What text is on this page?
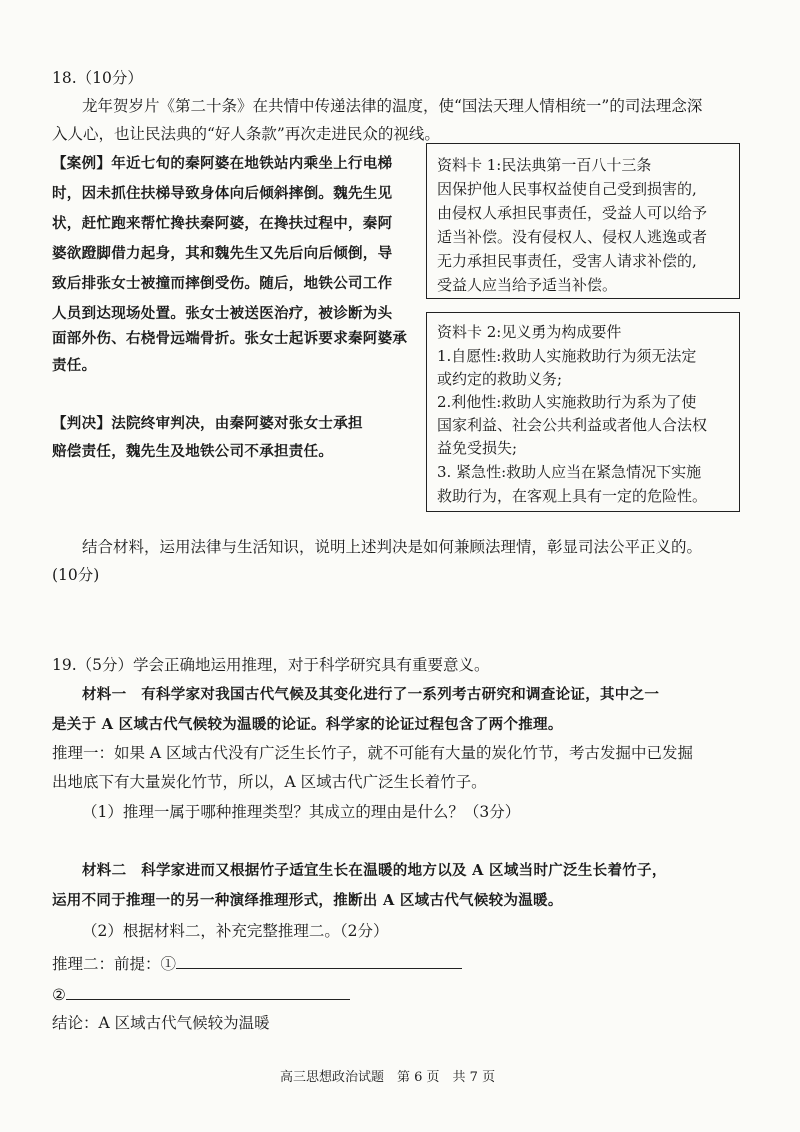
18.（10分）
龙年贺岁片《第二十条》在共情中传递法律的温度，使“国法天理人情相统一”的司法理念深
入人心，也让民法典的“好人条款”再次走进民众的视线。
【案例】年近七旬的秦阿婆在地铁站内乘坐上行电梯
时，因未抓住扶梯导致身体向后倾斜摔倒。魏先生见
状，赶忙跑来帮忙搀扶秦阿婆，在搀扶过程中，秦阿
婆欲蹬脚借力起身，其和魏先生又先后向后倾倒，导
致后排张女士被撞而摔倒受伤。随后，地铁公司工作
人员到达现场处置。张女士被送医治疗，被诊断为头
面部外伤、右桡骨远端骨折。张女士起诉要求秦阿婆承
责任。
【判决】法院终审判决，由秦阿婆对张女士承担
赔偿责任，魏先生及地铁公司不承担责任。
资料卡 1:民法典第一百八十三条
因保护他人民事权益使自己受到损害的,
由侵权人承担民事责任，受益人可以给予
适当补偿。没有侵权人、侵权人逃逸或者
无力承担民事责任，受害人请求补偿的,
受益人应当给予适当补偿。
资料卡 2:见义勇为构成要件
1.自愿性:救助人实施救助行为须无法定
或约定的救助义务;
2.利他性:救助人实施救助行为系为了使
国家利益、社会公共利益或者他人合法权
益免受损失;
3. 紧急性:救助人应当在紧急情况下实施
救助行为，在客观上具有一定的危险性。
结合材料，运用法律与生活知识，说明上述判决是如何兼顾法理情，彰显司法公平正义的。
(10分)
19.（5分）学会正确地运用推理，对于科学研究具有重要意义。
材料一　有科学家对我国古代气候及其变化进行了一系列考古研究和调查论证，其中之一
是关于 A 区域古代气候较为温暖的论证。科学家的论证过程包含了两个推理。
推理一：如果 A 区域古代没有广泛生长竹子，就不可能有大量的炭化竹节，考古发掘中已发掘
出地底下有大量炭化竹节，所以，A 区域古代广泛生长着竹子。
（1）推理一属于哪种推理类型？其成立的理由是什么？（3分）
材料二　科学家进而又根据竹子适宜生长在温暖的地方以及 A 区域当时广泛生长着竹子，
运用不同于推理一的另一种演绎推理形式，推断出 A 区域古代气候较为温暖。
（2）根据材料二，补充完整推理二。（2分）
推理二：前提：①
②
结论：A 区域古代气候较为温暖
高三思想政治试题　第 6 页　共 7 页
